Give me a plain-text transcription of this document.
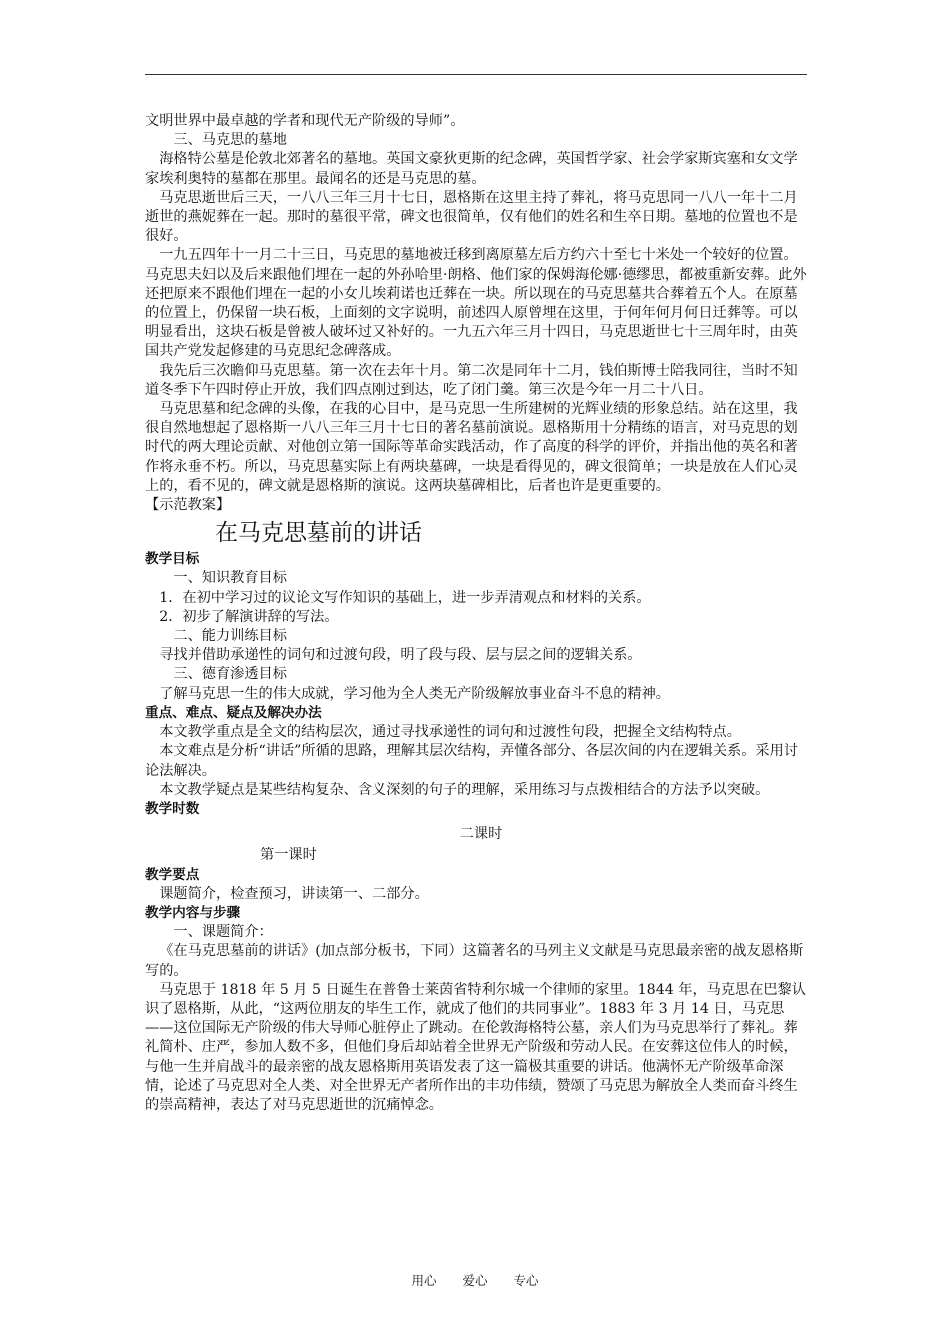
文明世界中最卓越的学者和现代无产阶级的导师”。

三、马克思的墓地

海格特公墓是伦敦北郊著名的墓地。英国文豪狄更斯的纪念碑，英国哲学家、社会学家斯宾塞和女文学家埃利奥特的墓都在那里。最闻名的还是马克思的墓。

马克思逝世后三天，一八八三年三月十七日，恩格斯在这里主持了葬礼，将马克思同一八八一年十二月逝世的燕妮葬在一起。那时的墓很平常，碑文也很简单，仅有他们的姓名和生卒日期。墓地的位置也不是很好。

一九五四年十一月二十三日，马克思的墓地被迁移到离原墓左后方约六十至七十米处一个较好的位置。马克思夫妇以及后来跟他们埋在一起的外孙哈里·朗格、他们家的保姆海伦娜·德缪思，都被重新安葬。此外还把原来不跟他们埋在一起的小女儿埃莉诺也迁葬在一块。所以现在的马克思墓共合葬着五个人。在原墓的位置上，仍保留一块石板，上面刻的文字说明，前述四人原曾埋在这里，于何年何月何日迁葬等。可以明显看出，这块石板是曾被人破坏过又补好的。一九五六年三月十四日，马克思逝世七十三周年时，由英国共产党发起修建的马克思纪念碑落成。

我先后三次瞻仰马克思墓。第一次在去年十月。第二次是同年十二月，钱伯斯博士陪我同往，当时不知道冬季下午四时停止开放，我们四点刚过到达，吃了闭门羹。第三次是今年一月二十八日。

马克思墓和纪念碑的头像，在我的心目中，是马克思一生所建树的光辉业绩的形象总结。站在这里，我很自然地想起了恩格斯一八八三年三月十七日的著名墓前演说。恩格斯用十分精练的语言，对马克思的划时代的两大理论贡献、对他创立第一国际等革命实践活动，作了高度的科学的评价，并指出他的英名和著作将永垂不朽。所以，马克思墓实际上有两块墓碑，一块是看得见的，碑文很简单；一块是放在人们心灵上的，看不见的，碑文就是恩格斯的演说。这两块墓碑相比，后者也许是更重要的。

【示范教案】

在马克思墓前的讲话

教学目标

一、知识教育目标

1．在初中学习过的议论文写作知识的基础上，进一步弄清观点和材料的关系。

2．初步了解演讲辞的写法。

二、能力训练目标

寻找并借助承递性的词句和过渡句段，明了段与段、层与层之间的逻辑关系。

三、德育渗透目标

了解马克思一生的伟大成就，学习他为全人类无产阶级解放事业奋斗不息的精神。

重点、难点、疑点及解决办法

本文教学重点是全文的结构层次，通过寻找承递性的词句和过渡性句段，把握全文结构特点。

本文难点是分析“讲话”所循的思路，理解其层次结构，弄懂各部分、各层次间的内在逻辑关系。采用讨论法解决。

本文教学疑点是某些结构复杂、含义深刻的句子的理解，采用练习与点拨相结合的方法予以突破。

教学时数

二课时

第一课时

教学要点

课题简介，检查预习，讲读第一、二部分。

教学内容与步骤

一、课题简介：

《在马克思墓前的讲话》(加点部分板书，下同）这篇著名的马列主义文献是马克思最亲密的战友恩格斯写的。

马克思于 1818 年 5 月 5 日诞生在普鲁士莱茵省特利尔城一个律师的家里。1844 年，马克思在巴黎认识了恩格斯，从此，“这两位朋友的毕生工作，就成了他们的共同事业”。1883 年 3 月 14 日，马克思——这位国际无产阶级的伟大导师心脏停止了跳动。在伦敦海格特公墓，亲人们为马克思举行了葬礼。葬礼简朴、庄严，参加人数不多，但他们身后却站着全世界无产阶级和劳动人民。在安葬这位伟人的时候，与他一生并肩战斗的最亲密的战友恩格斯用英语发表了这一篇极其重要的讲话。他满怀无产阶级革命深情，论述了马克思对全人类、对全世界无产者所作出的丰功伟绩，赞颂了马克思为解放全人类而奋斗终生的崇高精神，表达了对马克思逝世的沉痛悼念。

用心 爱心 专心
